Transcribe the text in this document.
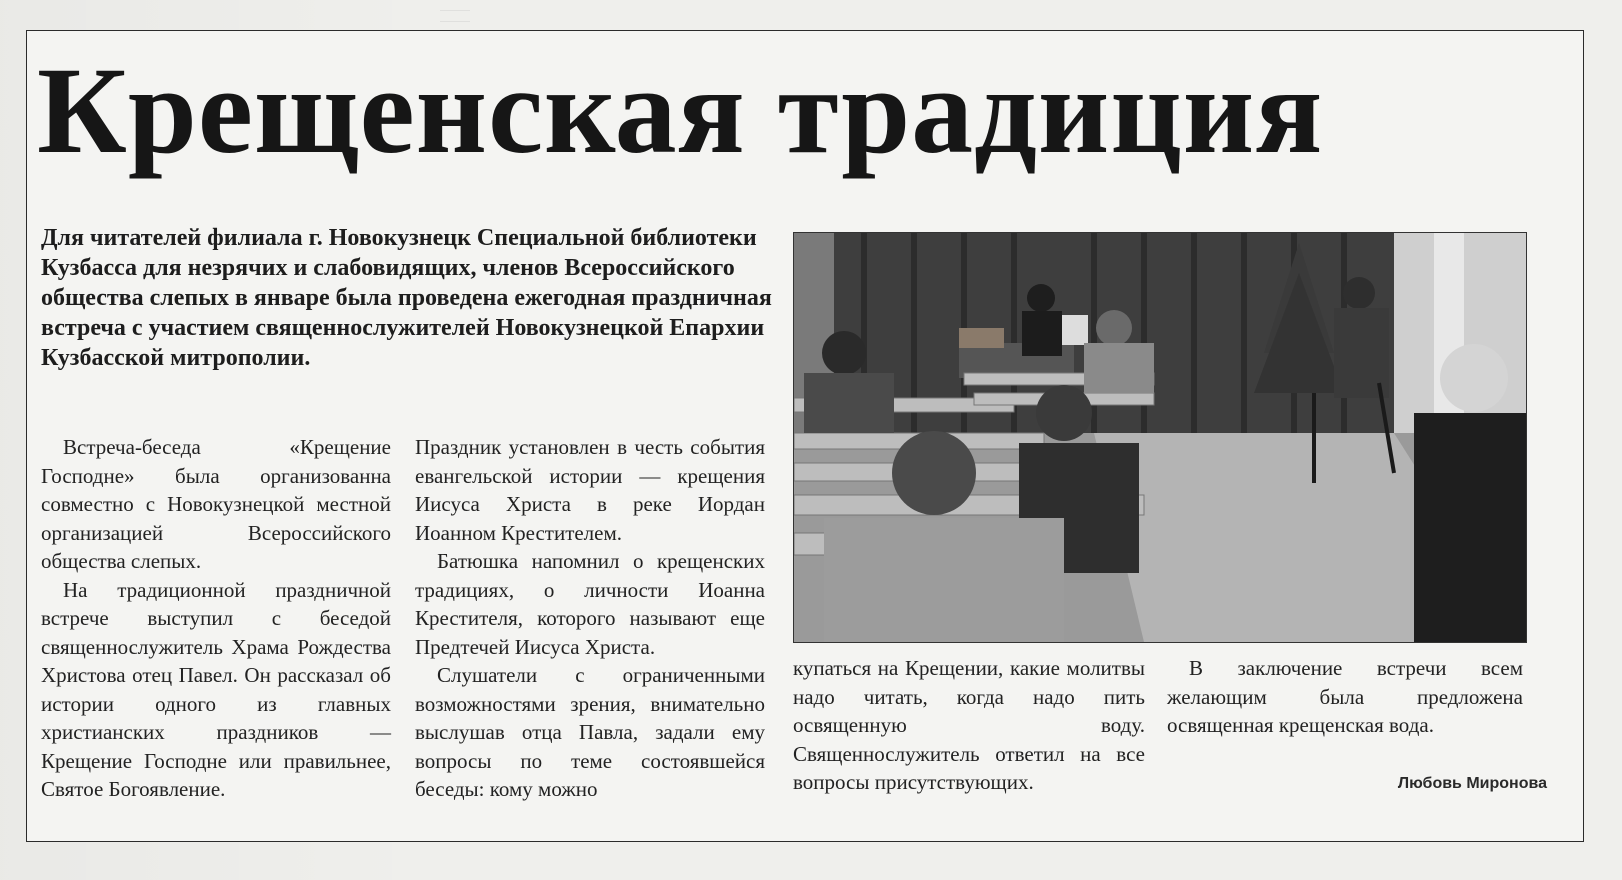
Крещенская традиция

Для читателей филиала г. Новокузнецк Специальной библиотеки Кузбасса для незрячих и слабовидящих, членов Всероссийского общества слепых в январе была проведена ежегодная праздничная встреча с участием священнослужителей Новокузнецкой Епархии Кузбасской митрополии.

Встреча-беседа «Крещение Господне» была организованна совместно с Новокузнецкой местной организацией Всероссийского общества слепых.

На традиционной праздничной встрече выступил с беседой священнослужитель Храма Рождества Христова отец Павел. Он рассказал об истории одного из главных христианских праздников — Крещение Господне или правильнее, Святое Богоявление.

Праздник установлен в честь события евангельской истории — крещения Иисуса Христа в реке Иордан Иоанном Крестителем.

Батюшка напомнил о крещенских традициях, о личности Иоанна Крестителя, которого называют еще Предтечей Иисуса Христа.

Слушатели с ограниченными возможностями зрения, внимательно выслушав отца Павла, задали ему вопросы по теме состоявшейся беседы: кому можно

купаться на Крещении, какие молитвы надо читать, когда надо пить освященную воду. Священнослужитель ответил на все вопросы присутствующих.

В заключение встречи всем желающим была предложена освященная крещенская вода.

Любовь Миронова
